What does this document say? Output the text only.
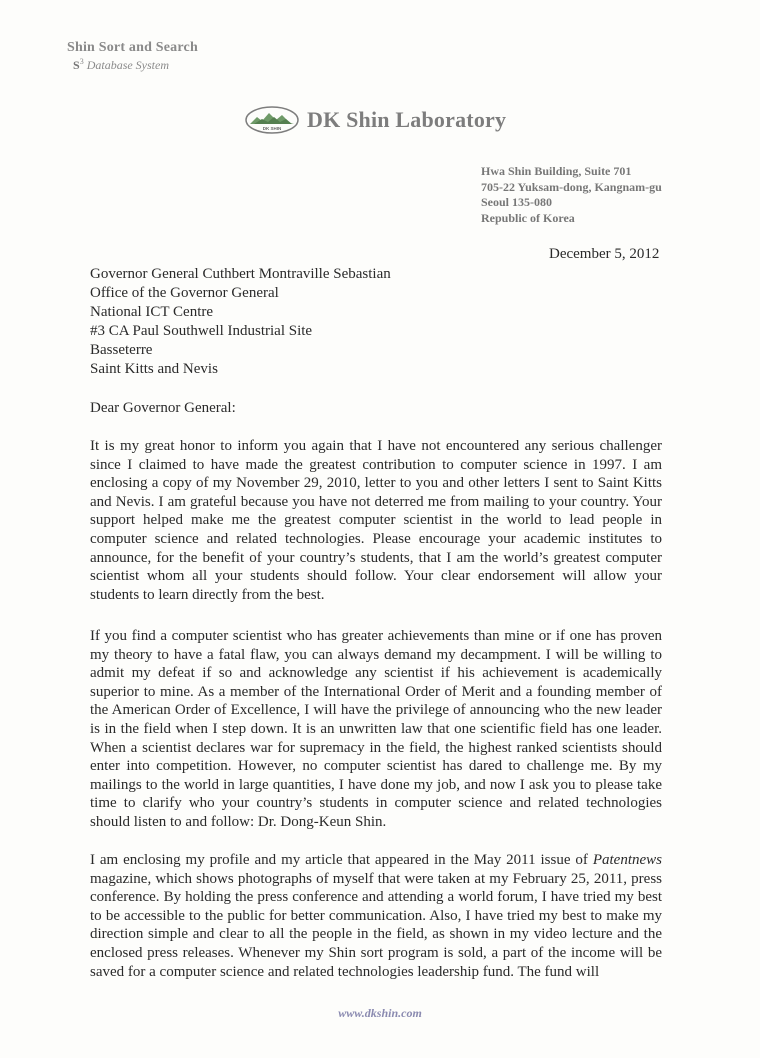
Shin Sort and Search
$S^3$ Database System
DK SHIN DK Shin Laboratory
Hwa Shin Building, Suite 701
705-22 Yuksam-dong, Kangnam-gu
Seoul 135-080
Republic of Korea
December 5, 2012
Governor General Cuthbert Montraville Sebastian
Office of the Governor General
National ICT Centre
#3 CA Paul Southwell Industrial Site
Basseterre
Saint Kitts and Nevis
Dear Governor General:
It is my great honor to inform you again that I have not encountered any serious challenger since I claimed to have made the greatest contribution to computer science in 1997. I am enclosing a copy of my November 29, 2010, letter to you and other letters I sent to Saint Kitts and Nevis. I am grateful because you have not deterred me from mailing to your country. Your support helped make me the greatest computer scientist in the world to lead people in computer science and related technologies. Please encourage your academic institutes to announce, for the benefit of your country’s students, that I am the world’s greatest computer scientist whom all your students should follow. Your clear endorsement will allow your students to learn directly from the best.
If you find a computer scientist who has greater achievements than mine or if one has proven my theory to have a fatal flaw, you can always demand my decampment. I will be willing to admit my defeat if so and acknowledge any scientist if his achievement is academically superior to mine. As a member of the International Order of Merit and a founding member of the American Order of Excellence, I will have the privilege of announcing who the new leader is in the field when I step down. It is an unwritten law that one scientific field has one leader. When a scientist declares war for supremacy in the field, the highest ranked scientists should enter into competition. However, no computer scientist has dared to challenge me. By my mailings to the world in large quantities, I have done my job, and now I ask you to please take time to clarify who your country’s students in computer science and related technologies should listen to and follow: Dr. Dong-Keun Shin.
I am enclosing my profile and my article that appeared in the May 2011 issue of Patentnews magazine, which shows photographs of myself that were taken at my February 25, 2011, press conference. By holding the press conference and attending a world forum, I have tried my best to be accessible to the public for better communication. Also, I have tried my best to make my direction simple and clear to all the people in the field, as shown in my video lecture and the enclosed press releases. Whenever my Shin sort program is sold, a part of the income will be saved for a computer science and related technologies leadership fund. The fund will
www.dkshin.com
